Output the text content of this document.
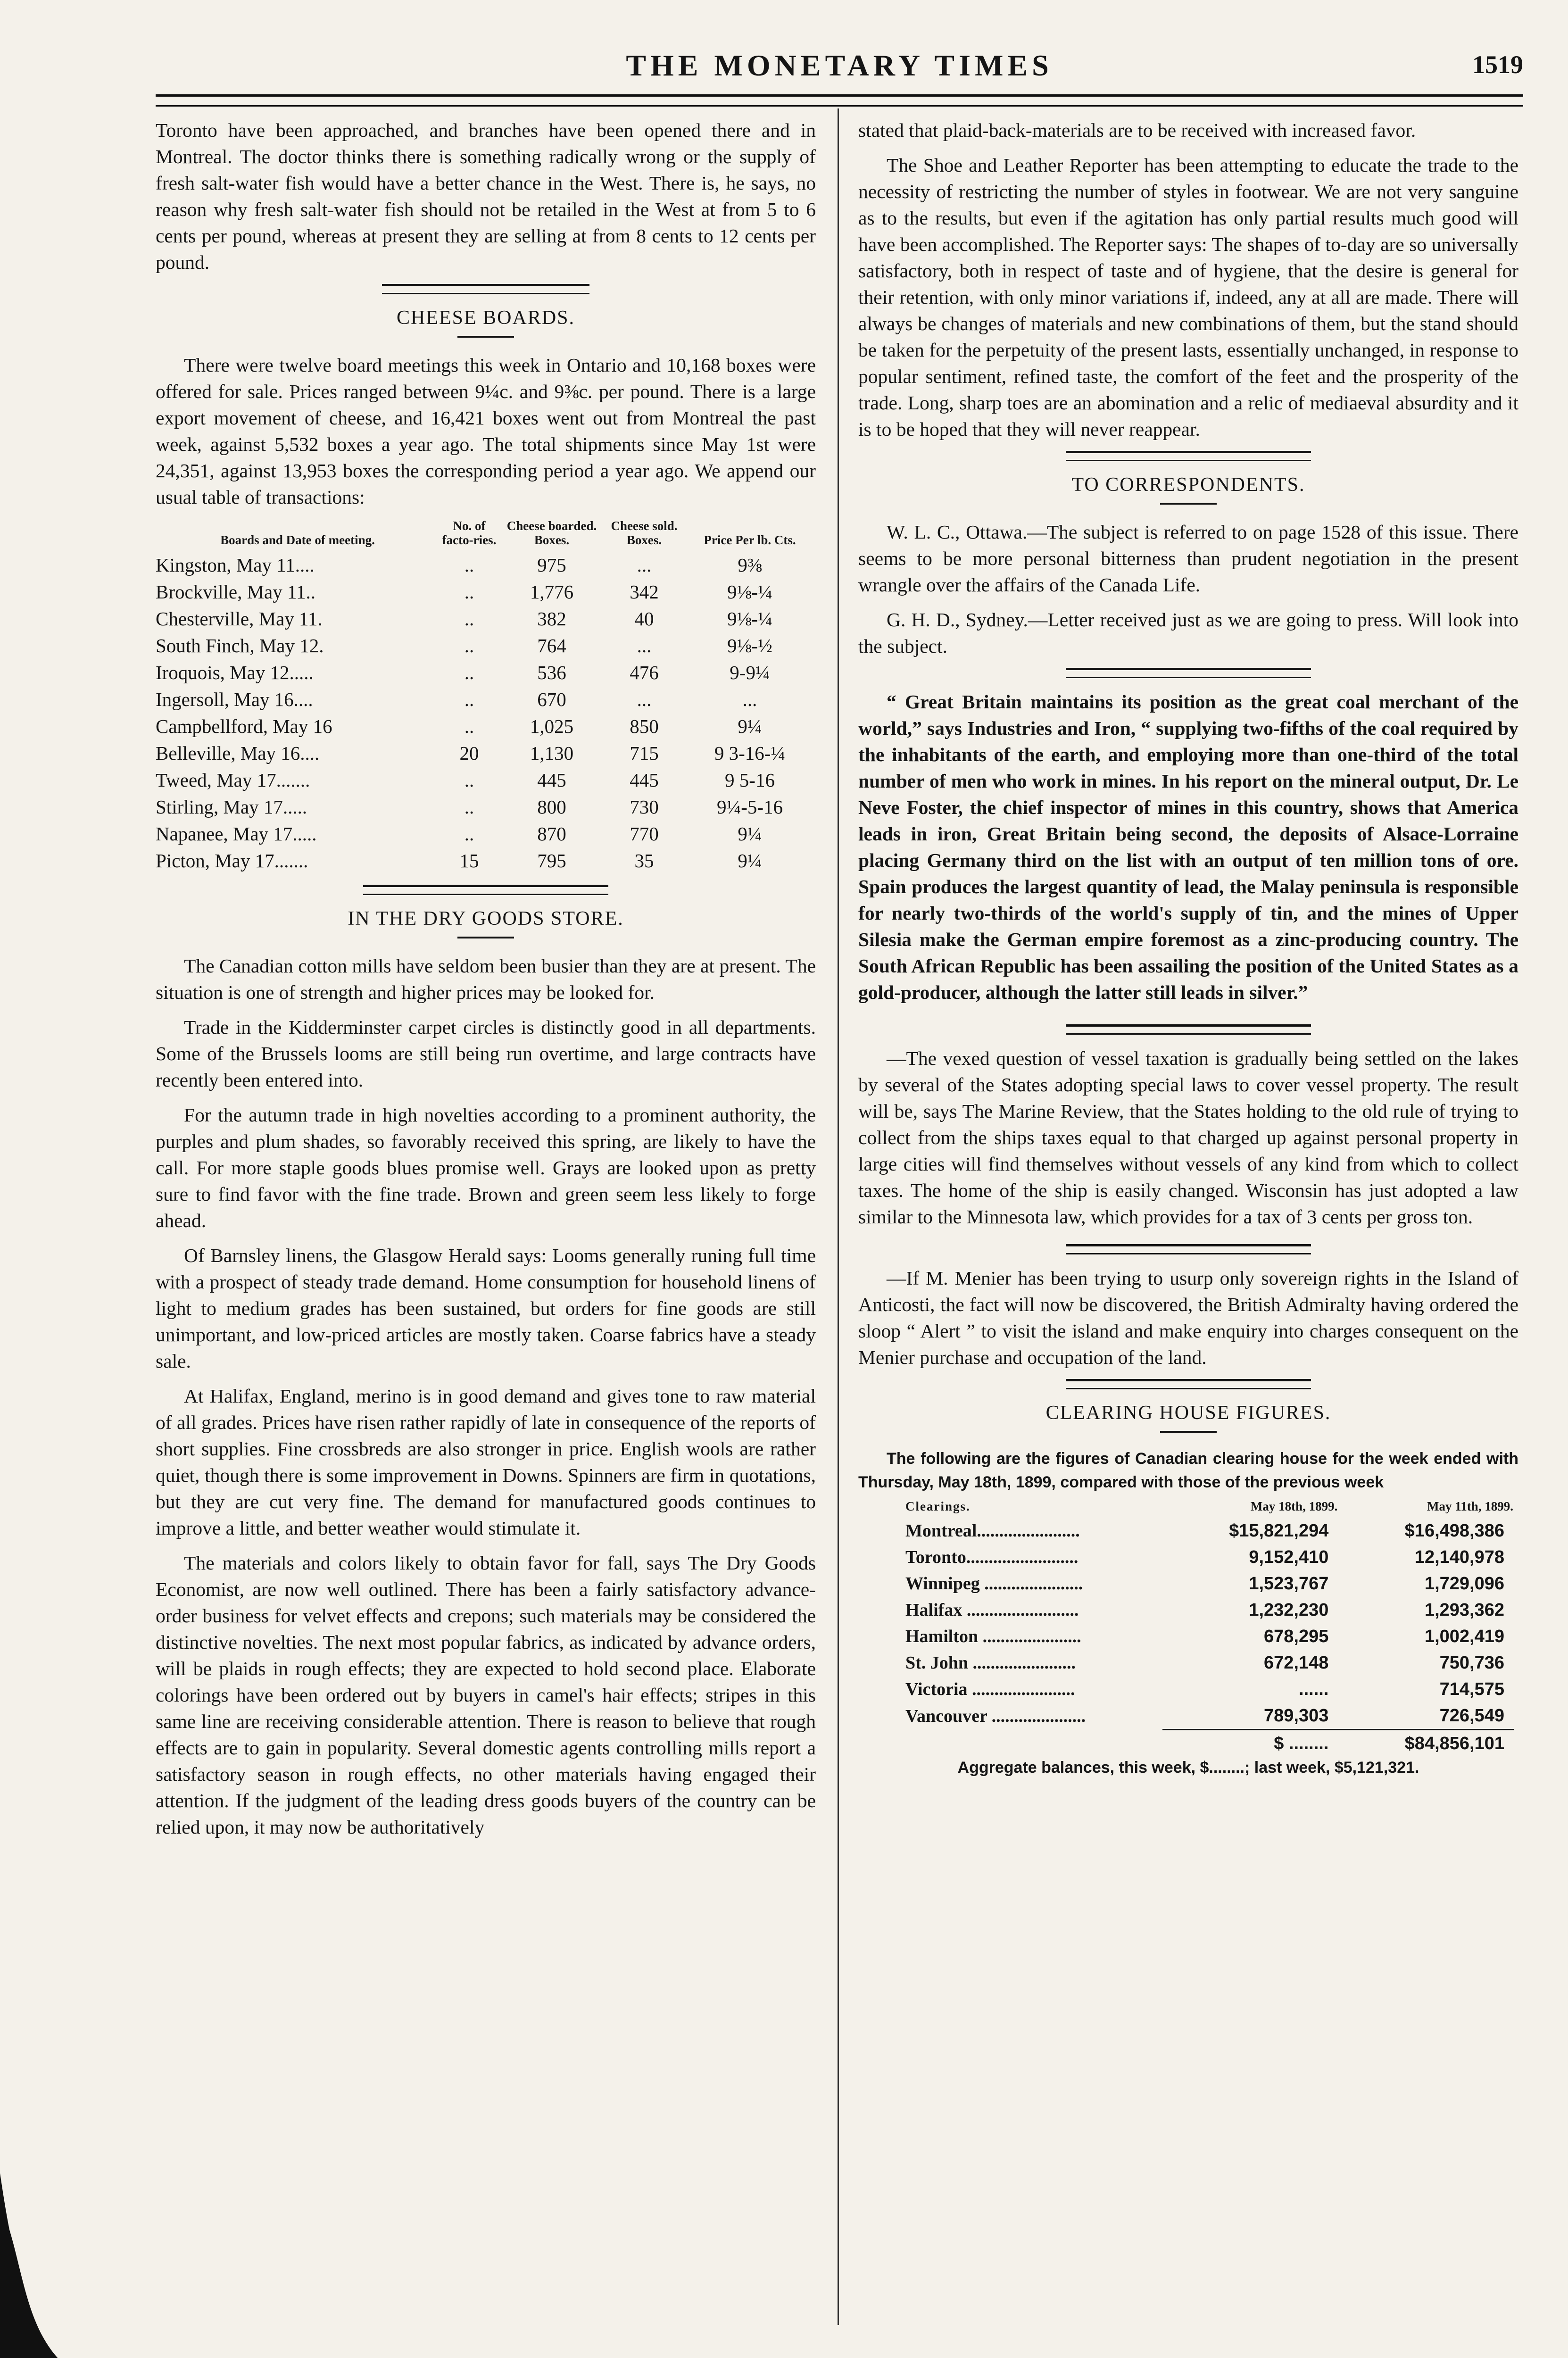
THE MONETARY TIMES	1519

Toronto have been approached, and branches have been opened there and in Montreal. The doctor thinks there is something radically wrong or the supply of fresh salt-water fish would have a better chance in the West. There is, he says, no reason why fresh salt-water fish should not be retailed in the West at from 5 to 6 cents per pound, whereas at present they are selling at from 8 cents to 12 cents per pound.

CHEESE BOARDS.

There were twelve board meetings this week in Ontario and 10,168 boxes were offered for sale. Prices ranged between 9¼c. and 9⅜c. per pound. There is a large export movement of cheese, and 16,421 boxes went out from Montreal the past week, against 5,532 boxes a year ago. The total shipments since May 1st were 24,351, against 13,953 boxes the corresponding period a year ago. We append our usual table of transactions:

Boards and Date of meeting.	No. of facto-ries.	Cheese boarded. Boxes.	Cheese sold. Boxes.	Price Per lb. Cts.
Kingston, May 11....	..	975	...	9⅜
Brockville, May 11..	..	1,776	342	9⅛-¼
Chesterville, May 11.	..	382	40	9⅛-¼
South Finch, May 12.	..	764	...	9⅛-½
Iroquois, May 12.....	..	536	476	9-9¼
Ingersoll, May 16....	..	670	...	...
Campbellford, May 16	..	1,025	850	9¼
Belleville, May 16....	20	1,130	715	9 3-16-¼
Tweed, May 17.......	..	445	445	9 5-16
Stirling, May 17.....	..	800	730	9¼-5-16
Napanee, May 17.....	..	870	770	9¼
Picton, May 17.......	15	795	35	9¼
IN THE DRY GOODS STORE.

The Canadian cotton mills have seldom been busier than they are at present. The situation is one of strength and higher prices may be looked for.

Trade in the Kidderminster carpet circles is distinctly good in all departments. Some of the Brussels looms are still being run overtime, and large contracts have recently been entered into.

For the autumn trade in high novelties according to a prominent authority, the purples and plum shades, so favorably received this spring, are likely to have the call. For more staple goods blues promise well. Grays are looked upon as pretty sure to find favor with the fine trade. Brown and green seem less likely to forge ahead.

Of Barnsley linens, the Glasgow Herald says: Looms generally runing full time with a prospect of steady trade demand. Home consumption for household linens of light to medium grades has been sustained, but orders for fine goods are still unimportant, and low-priced articles are mostly taken. Coarse fabrics have a steady sale.

At Halifax, England, merino is in good demand and gives tone to raw material of all grades. Prices have risen rather rapidly of late in consequence of the reports of short supplies. Fine crossbreds are also stronger in price. English wools are rather quiet, though there is some improvement in Downs. Spinners are firm in quotations, but they are cut very fine. The demand for manufactured goods continues to improve a little, and better weather would stimulate it.

The materials and colors likely to obtain favor for fall, says The Dry Goods Economist, are now well outlined. There has been a fairly satisfactory advance-order business for velvet effects and crepons; such materials may be considered the distinctive novelties. The next most popular fabrics, as indicated by advance orders, will be plaids in rough effects; they are expected to hold second place. Elaborate colorings have been ordered out by buyers in camel's hair effects; stripes in this same line are receiving considerable attention. There is reason to believe that rough effects are to gain in popularity. Several domestic agents controlling mills report a satisfactory season in rough effects, no other materials having engaged their attention. If the judgment of the leading dress goods buyers of the country can be relied upon, it may now be authoritatively

stated that plaid-back-materials are to be received with increased favor.

The Shoe and Leather Reporter has been attempting to educate the trade to the necessity of restricting the number of styles in footwear. We are not very sanguine as to the results, but even if the agitation has only partial results much good will have been accomplished. The Reporter says: The shapes of to-day are so universally satisfactory, both in respect of taste and of hygiene, that the desire is general for their retention, with only minor variations if, indeed, any at all are made. There will always be changes of materials and new combinations of them, but the stand should be taken for the perpetuity of the present lasts, essentially unchanged, in response to popular sentiment, refined taste, the comfort of the feet and the prosperity of the trade. Long, sharp toes are an abomination and a relic of mediaeval absurdity and it is to be hoped that they will never reappear.

TO CORRESPONDENTS.

W. L. C., Ottawa.—The subject is referred to on page 1528 of this issue. There seems to be more personal bitterness than prudent negotiation in the present wrangle over the affairs of the Canada Life.

G. H. D., Sydney.—Letter received just as we are going to press. Will look into the subject.

“ Great Britain maintains its position as the great coal merchant of the world,” says Industries and Iron, “ supplying two-fifths of the coal required by the inhabitants of the earth, and employing more than one-third of the total number of men who work in mines. In his report on the mineral output, Dr. Le Neve Foster, the chief inspector of mines in this country, shows that America leads in iron, Great Britain being second, the deposits of Alsace-Lorraine placing Germany third on the list with an output of ten million tons of ore. Spain produces the largest quantity of lead, the Malay peninsula is responsible for nearly two-thirds of the world's supply of tin, and the mines of Upper Silesia make the German empire foremost as a zinc-producing country. The South African Republic has been assailing the position of the United States as a gold-producer, although the latter still leads in silver.”

—The vexed question of vessel taxation is gradually being settled on the lakes by several of the States adopting special laws to cover vessel property. The result will be, says The Marine Review, that the States holding to the old rule of trying to collect from the ships taxes equal to that charged up against personal property in large cities will find themselves without vessels of any kind from which to collect taxes. The home of the ship is easily changed. Wisconsin has just adopted a law similar to the Minnesota law, which provides for a tax of 3 cents per gross ton.

—If M. Menier has been trying to usurp only sovereign rights in the Island of Anticosti, the fact will now be discovered, the British Admiralty having ordered the sloop “ Alert ” to visit the island and make enquiry into charges consequent on the Menier purchase and occupation of the land.

CLEARING HOUSE FIGURES.

The following are the figures of Canadian clearing house for the week ended with Thursday, May 18th, 1899, compared with those of the previous week

Clearings.	May 18th, 1899.	May 11th, 1899.
Montreal.......................	$15,821,294	$16,498,386
Toronto.........................	9,152,410	12,140,978
Winnipeg ......................	1,523,767	1,729,096
Halifax .........................	1,232,230	1,293,362
Hamilton ......................	678,295	1,002,419
St. John .......................	672,148	750,736
Victoria .......................	......	714,575
Vancouver .....................	789,303	726,549
	$ ........	$84,856,101
Aggregate balances, this week, $........; last week, $5,121,321.
